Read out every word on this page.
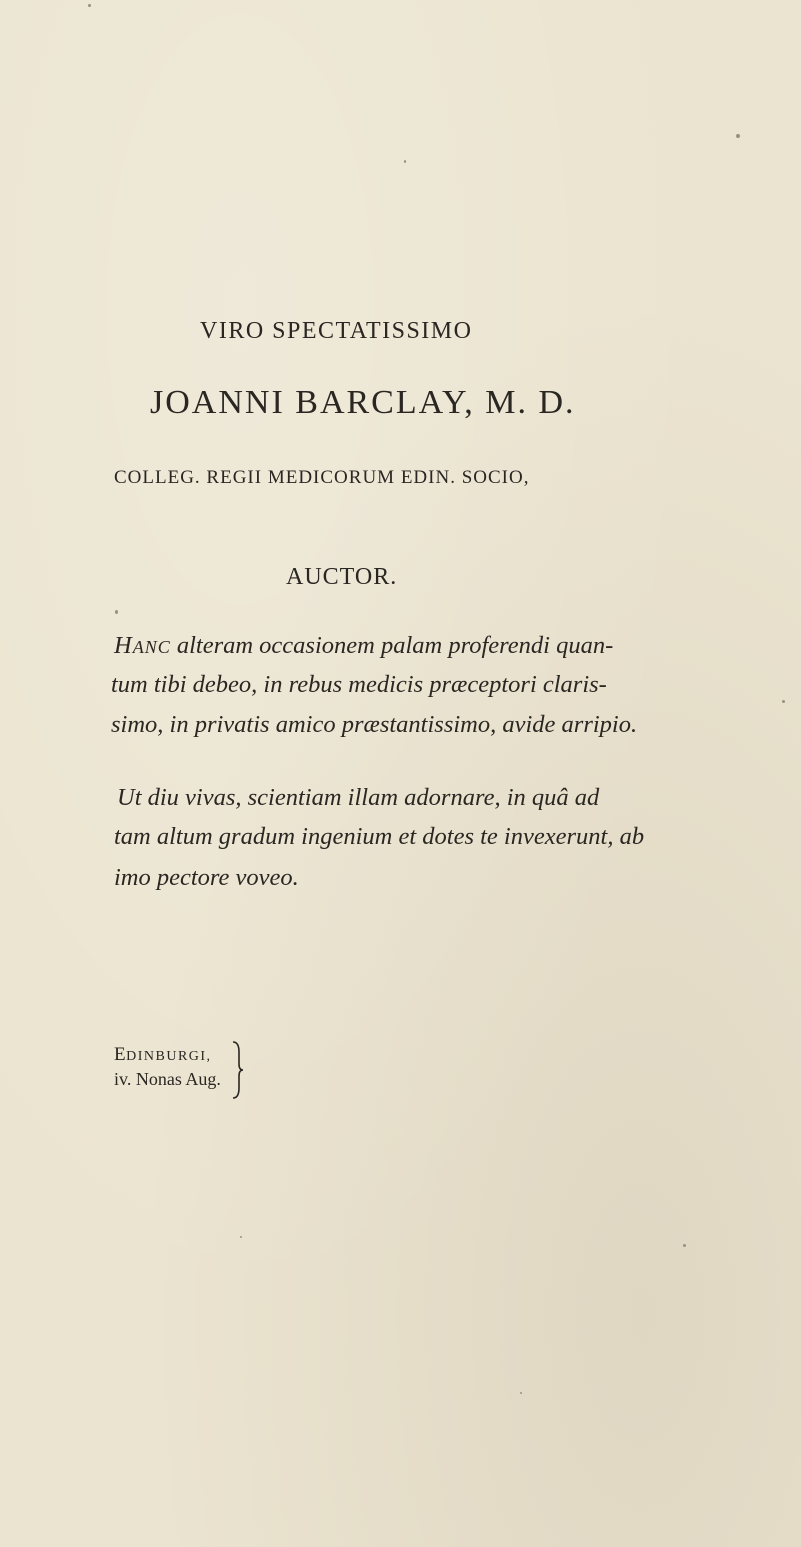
VIRO SPECTATISSIMO
JOANNI BARCLAY, M. D.
COLLEG. REGII MEDICORUM EDIN. SOCIO,
AUCTOR.
HANC alteram occasionem palam proferendi quan-
tum tibi debeo, in rebus medicis præceptori claris-
simo, in privatis amico præstantissimo, avide arripio.
Ut diu vivas, scientiam illam adornare, in quâ ad
tam altum gradum ingenium et dotes te invexerunt, ab
imo pectore voveo.
EDINBURGI,
iv. Nonas Aug.
